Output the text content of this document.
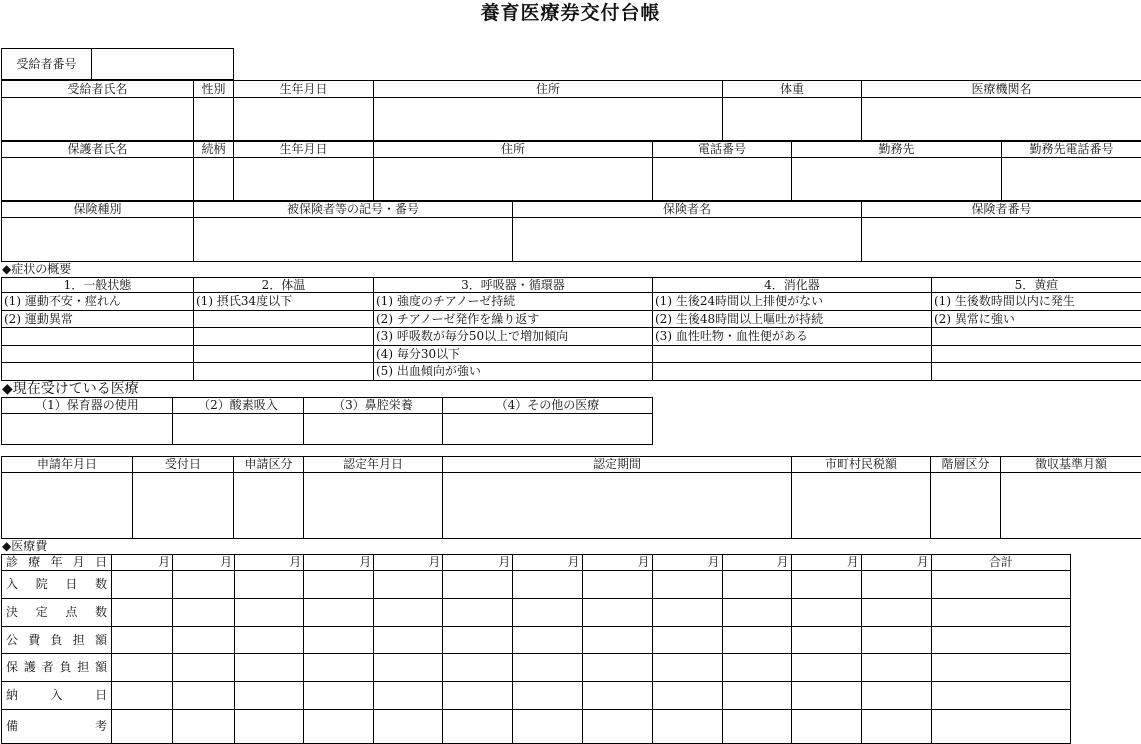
養育医療券交付台帳
受給者番号	
受給者氏名	性別	生年月日	住所	体重	医療機関名

保護者氏名	続柄	生年月日	住所	電話番号	勤務先	勤務先電話番号

保険種別	被保険者等の記号・番号	保険者名	保険者番号

◆症状の概要
1．一般状態	2．体温	3．呼吸器・循環器	4．消化器	5．黄疸
(1) 運動不安・痙れん	(1) 摂氏34度以下	(1) 強度のチアノーゼ持続	(1) 生後24時間以上排便がない	(1) 生後数時間以内に発生
(2) 運動異常		(2) チアノーゼ発作を繰り返す	(2) 生後48時間以上嘔吐が持続	(2) 異常に強い
		(3) 呼吸数が毎分50以上で増加傾向	(3) 血性吐物・血性便がある	
		(4) 毎分30以下		
		(5) 出血傾向が強い		
◆現在受けている医療
（1）保育器の使用	（2）酸素吸入	（3）鼻腔栄養	（4）その他の医療

申請年月日	受付日	申請区分	認定年月日	認定期間	市町村民税額	階層区分	徴収基準月額

◆医療費
診療年月日	月	月	月	月	月	月	月	月	月	月	月	月	合計
入院日数													
決定点数													
公費負担額													
保護者負担額													
納入日													
備考													
